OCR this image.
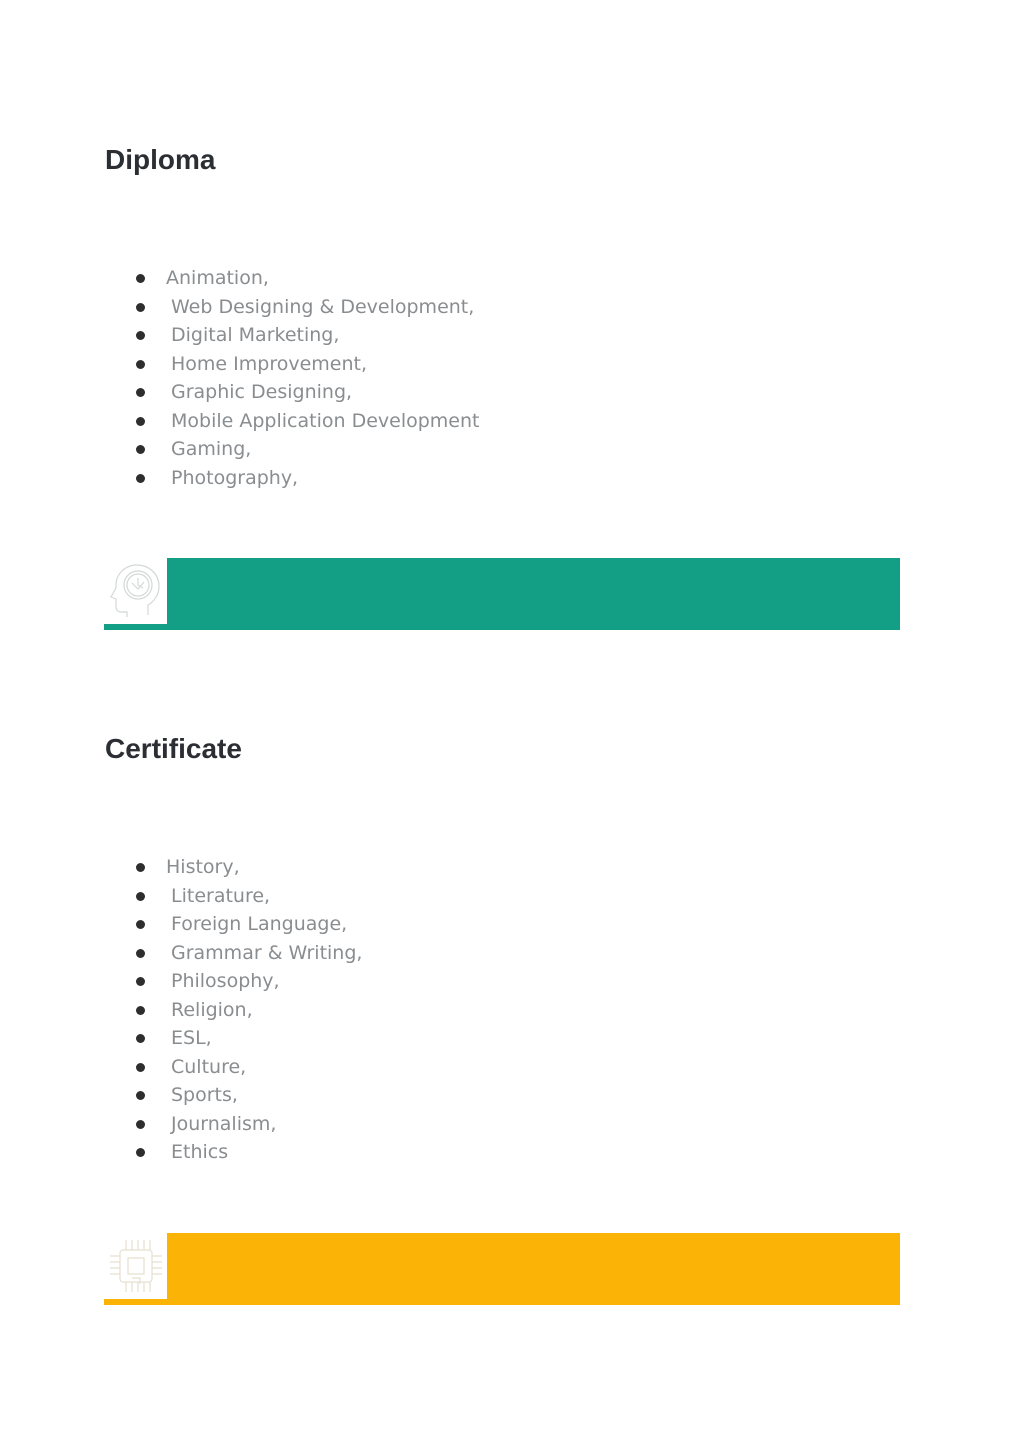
Diploma
Animation,
Web Designing & Development,
Digital Marketing,
Home Improvement,
Graphic Designing,
Mobile Application Development
Gaming,
Photography,
Certificate
History,
Literature,
Foreign Language,
Grammar & Writing,
Philosophy,
Religion,
ESL,
Culture,
Sports,
Journalism,
Ethics
